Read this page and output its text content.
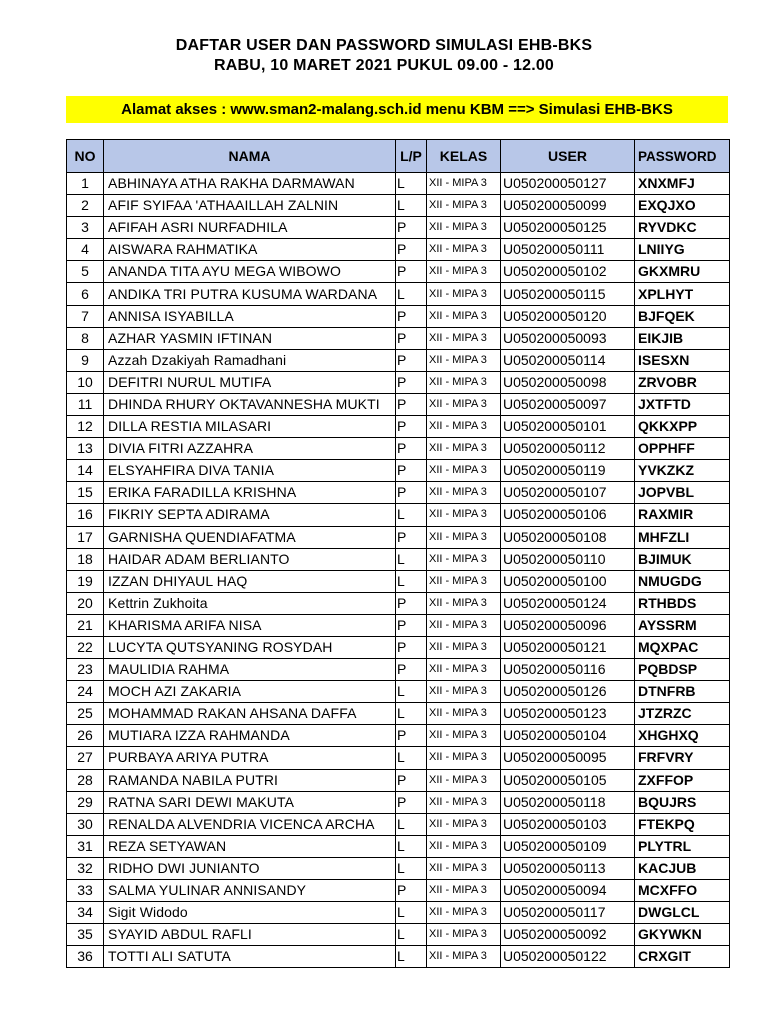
DAFTAR USER DAN PASSWORD SIMULASI EHB-BKS
RABU, 10 MARET 2021 PUKUL 09.00 - 12.00
Alamat akses : www.sman2-malang.sch.id menu KBM ==> Simulasi EHB-BKS
NO	NAMA	L/P	KELAS	USER	PASSWORD
1	ABHINAYA ATHA RAKHA DARMAWAN	L	XII - MIPA 3	U050200050127	XNXMFJ
2	AFIF SYIFAA 'ATHAAILLAH ZALNIN	L	XII - MIPA 3	U050200050099	EXQJXO
3	AFIFAH ASRI NURFADHILA	P	XII - MIPA 3	U050200050125	RYVDKC
4	AISWARA RAHMATIKA	P	XII - MIPA 3	U050200050111	LNIIYG
5	ANANDA TITA AYU MEGA WIBOWO	P	XII - MIPA 3	U050200050102	GKXMRU
6	ANDIKA TRI PUTRA KUSUMA WARDANA	L	XII - MIPA 3	U050200050115	XPLHYT
7	ANNISA ISYABILLA	P	XII - MIPA 3	U050200050120	BJFQEK
8	AZHAR YASMIN IFTINAN	P	XII - MIPA 3	U050200050093	EIKJIB
9	Azzah Dzakiyah Ramadhani	P	XII - MIPA 3	U050200050114	ISESXN
10	DEFITRI NURUL MUTIFA	P	XII - MIPA 3	U050200050098	ZRVOBR
11	DHINDA RHURY OKTAVANNESHA MUKTI	P	XII - MIPA 3	U050200050097	JXTFTD
12	DILLA RESTIA MILASARI	P	XII - MIPA 3	U050200050101	QKKXPP
13	DIVIA FITRI AZZAHRA	P	XII - MIPA 3	U050200050112	OPPHFF
14	ELSYAHFIRA DIVA TANIA	P	XII - MIPA 3	U050200050119	YVKZKZ
15	ERIKA FARADILLA KRISHNA	P	XII - MIPA 3	U050200050107	JOPVBL
16	FIKRIY SEPTA ADIRAMA	L	XII - MIPA 3	U050200050106	RAXMIR
17	GARNISHA QUENDIAFATMA	P	XII - MIPA 3	U050200050108	MHFZLI
18	HAIDAR ADAM BERLIANTO	L	XII - MIPA 3	U050200050110	BJIMUK
19	IZZAN DHIYAUL HAQ	L	XII - MIPA 3	U050200050100	NMUGDG
20	Kettrin Zukhoita	P	XII - MIPA 3	U050200050124	RTHBDS
21	KHARISMA ARIFA NISA	P	XII - MIPA 3	U050200050096	AYSSRM
22	LUCYTA QUTSYANING ROSYDAH	P	XII - MIPA 3	U050200050121	MQXPAC
23	MAULIDIA RAHMA	P	XII - MIPA 3	U050200050116	PQBDSP
24	MOCH AZI ZAKARIA	L	XII - MIPA 3	U050200050126	DTNFRB
25	MOHAMMAD RAKAN AHSANA DAFFA	L	XII - MIPA 3	U050200050123	JTZRZC
26	MUTIARA IZZA RAHMANDA	P	XII - MIPA 3	U050200050104	XHGHXQ
27	PURBAYA ARIYA PUTRA	L	XII - MIPA 3	U050200050095	FRFVRY
28	RAMANDA NABILA PUTRI	P	XII - MIPA 3	U050200050105	ZXFFOP
29	RATNA SARI DEWI MAKUTA	P	XII - MIPA 3	U050200050118	BQUJRS
30	RENALDA ALVENDRIA VICENCA ARCHA	L	XII - MIPA 3	U050200050103	FTEKPQ
31	REZA SETYAWAN	L	XII - MIPA 3	U050200050109	PLYTRL
32	RIDHO DWI JUNIANTO	L	XII - MIPA 3	U050200050113	KACJUB
33	SALMA YULINAR ANNISANDY	P	XII - MIPA 3	U050200050094	MCXFFO
34	Sigit Widodo	L	XII - MIPA 3	U050200050117	DWGLCL
35	SYAYID ABDUL RAFLI	L	XII - MIPA 3	U050200050092	GKYWKN
36	TOTTI ALI SATUTA	L	XII - MIPA 3	U050200050122	CRXGIT
